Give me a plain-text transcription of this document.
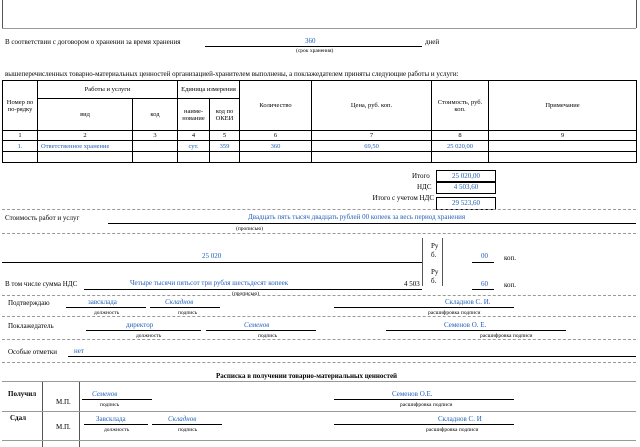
В соответствии с договором о хранении за время хранения	360	дней
(срок хранения)
вышеперечисленных товарно-материальных ценностей организацией-хранителем выполнены, а поклажедателем приняты следующие работы и услуги:
Номер по по-рядку	Работы и услуги		Единица измерения		Количество	Цена, руб. коп.	Стоимость, руб. коп.	Примечание
	вид	код	наиме-нование	код по ОКЕИ				
1	2	3	4	5	6	7	8	9
1.	Ответственное хранение		сут.	359	360	69,50	25 020,00	

Итого	25 020,00
НДС	4 503,60
Итого с учетом НДС
29 523,60
Стоимость работ и услуг	Двадцать пять тысяч двадцать рублей 00 копеек за весь период хранения
(прописью)
25 020
Ру б.	00 коп.
В том числе сумма НДС	Четыре тысячи пятьсот три рубля шестьдесят копеек	4 503
(прописью)
Ру б.	60 коп.
Подтверждаю	завсклада
должность
Складнов
подпись
Складнов С. И.
расшифровка подписи
Поклажедатель	директор
должность
Семенов
подпись
Семенов О. Е.
расшифровка подписи
Особые отметки нет
Расписка в получении товарно-материальных ценностей
Получил
М.П.
Семенов
подпись
Семенов О.Е.
расшифровка подписи
Сдал
М.П.
Завсклада
должность
Складнов
подпись
Складнов С. И
расшифровка подписи
